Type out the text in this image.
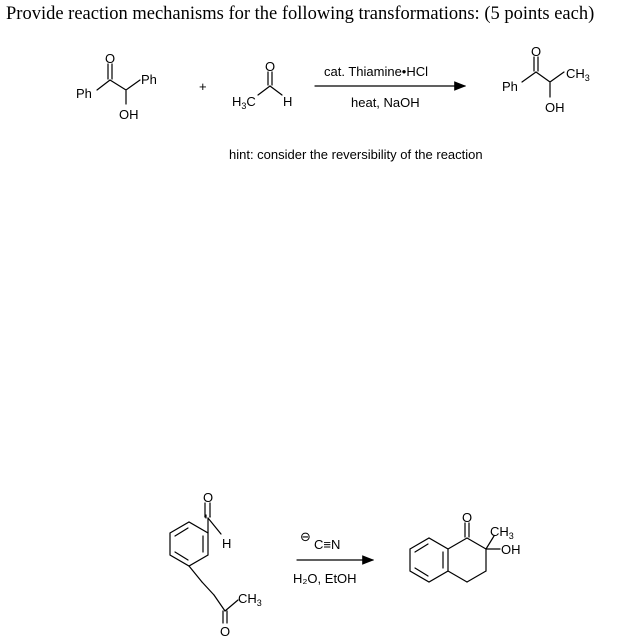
Provide reaction mechanisms for the following transformations: (5 points each)
Ph
Ph
O
OH
+
O
$H_3C$ H
cat. Thiamine•HCl
heat, NaOH
Ph
O
$CH_3$
OH
hint: consider the reversibility of the reaction
O
H
$CH_3$
O
⊖
C≡N
H₂O, EtOH
O
$CH_3$
OH
